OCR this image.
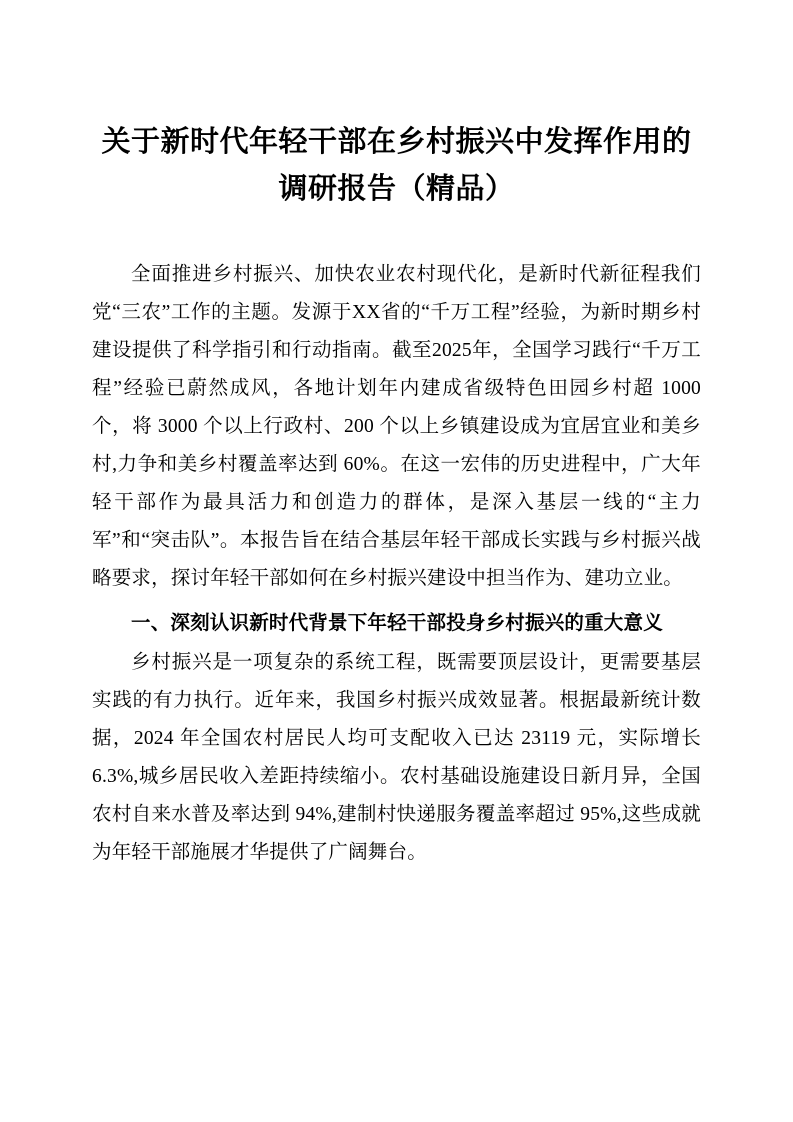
关于新时代年轻干部在乡村振兴中发挥作用的调研报告（精品）

全面推进乡村振兴、加快农业农村现代化，是新时代新征程我们党“三农”工作的主题。发源于XX省的“千万工程”经验，为新时期乡村建设提供了科学指引和行动指南。截至2025年，全国学习践行“千万工程”经验已蔚然成风，各地计划年内建成省级特色田园乡村超 1000 个，将 3000 个以上行政村、200 个以上乡镇建设成为宜居宜业和美乡村,力争和美乡村覆盖率达到 60%。在这一宏伟的历史进程中，广大年轻干部作为最具活力和创造力的群体，是深入基层一线的“主力军”和“突击队”。本报告旨在结合基层年轻干部成长实践与乡村振兴战略要求，探讨年轻干部如何在乡村振兴建设中担当作为、建功立业。

一、深刻认识新时代背景下年轻干部投身乡村振兴的重大意义

乡村振兴是一项复杂的系统工程，既需要顶层设计，更需要基层实践的有力执行。近年来，我国乡村振兴成效显著。根据最新统计数据，2024 年全国农村居民人均可支配收入已达 23119 元，实际增长 6.3%,城乡居民收入差距持续缩小。农村基础设施建设日新月异，全国农村自来水普及率达到 94%,建制村快递服务覆盖率超过 95%,这些成就为年轻干部施展才华提供了广阔舞台。
